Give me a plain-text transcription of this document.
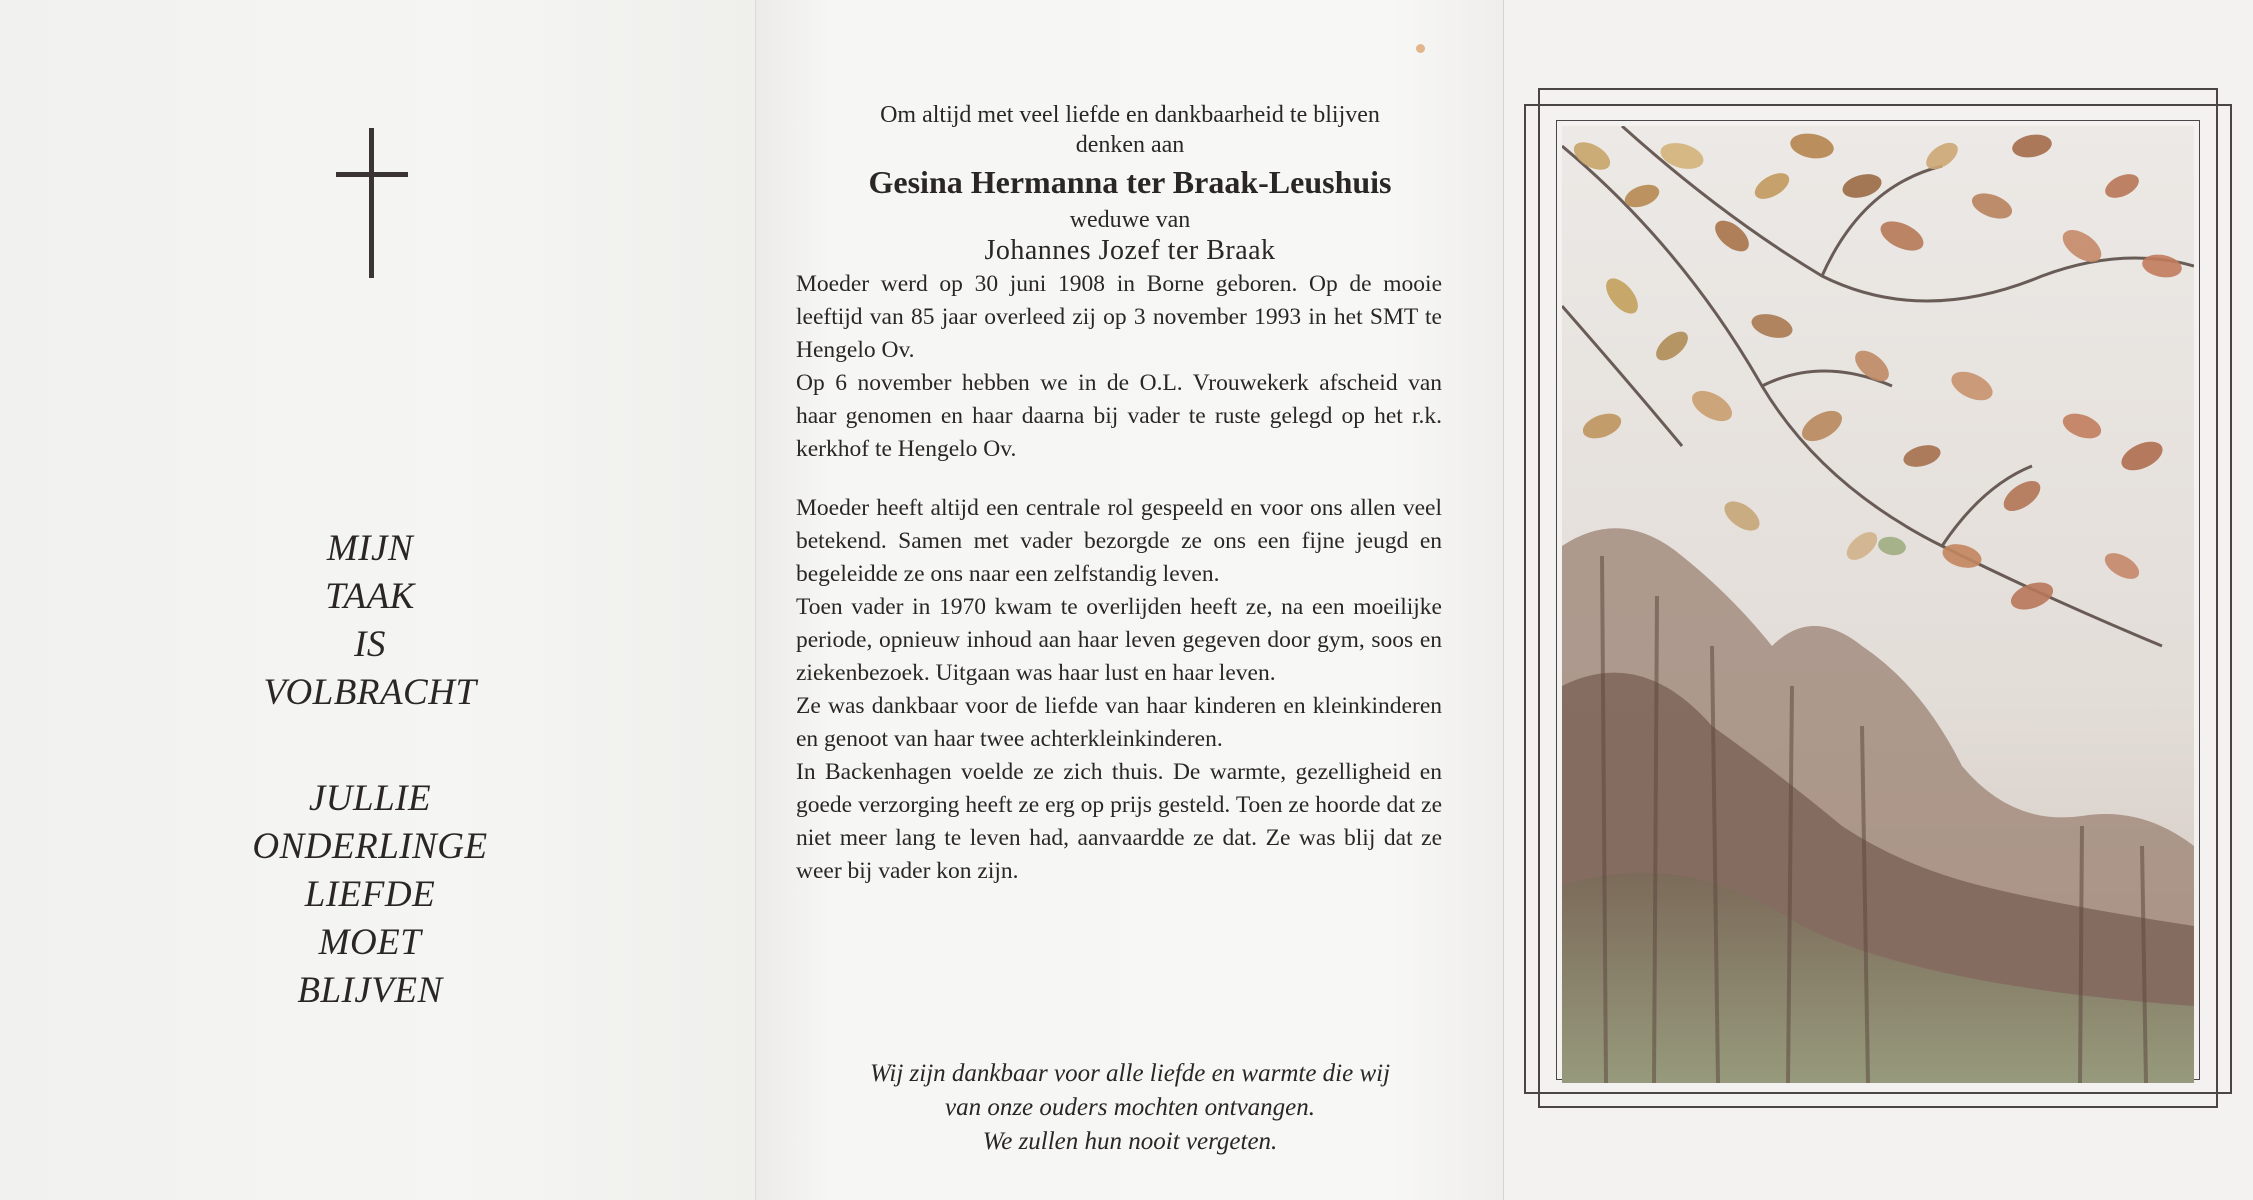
MIJN
TAAK
IS
VOLBRACHT
JULLIE
ONDERLINGE
LIEFDE
MOET
BLIJVEN
Om altijd met veel liefde en dankbaarheid te blijven
denken aan
Gesina Hermanna ter Braak-Leushuis
weduwe van
Johannes Jozef ter Braak

Moeder werd op 30 juni 1908 in Borne geboren. Op de mooie leeftijd van 85 jaar overleed zij op 3 november 1993 in het SMT te Hengelo Ov.

Op 6 november hebben we in de O.L. Vrouwekerk afscheid van haar genomen en haar daarna bij vader te ruste gelegd op het r.k. kerkhof te Hengelo Ov.

Moeder heeft altijd een centrale rol gespeeld en voor ons allen veel betekend. Samen met vader bezorgde ze ons een fijne jeugd en begeleidde ze ons naar een zelfstandig leven.

Toen vader in 1970 kwam te overlijden heeft ze, na een moeilijke periode, opnieuw inhoud aan haar leven gegeven door gym, soos en ziekenbezoek. Uitgaan was haar lust en haar leven.

Ze was dankbaar voor de liefde van haar kinderen en kleinkinderen en genoot van haar twee achterkleinkinderen.

In Backenhagen voelde ze zich thuis. De warmte, gezelligheid en goede verzorging heeft ze erg op prijs gesteld. Toen ze hoorde dat ze niet meer lang te leven had, aanvaardde ze dat. Ze was blij dat ze weer bij vader kon zijn.

Wij zijn dankbaar voor alle liefde en warmte die wij
van onze ouders mochten ontvangen.
We zullen hun nooit vergeten.
